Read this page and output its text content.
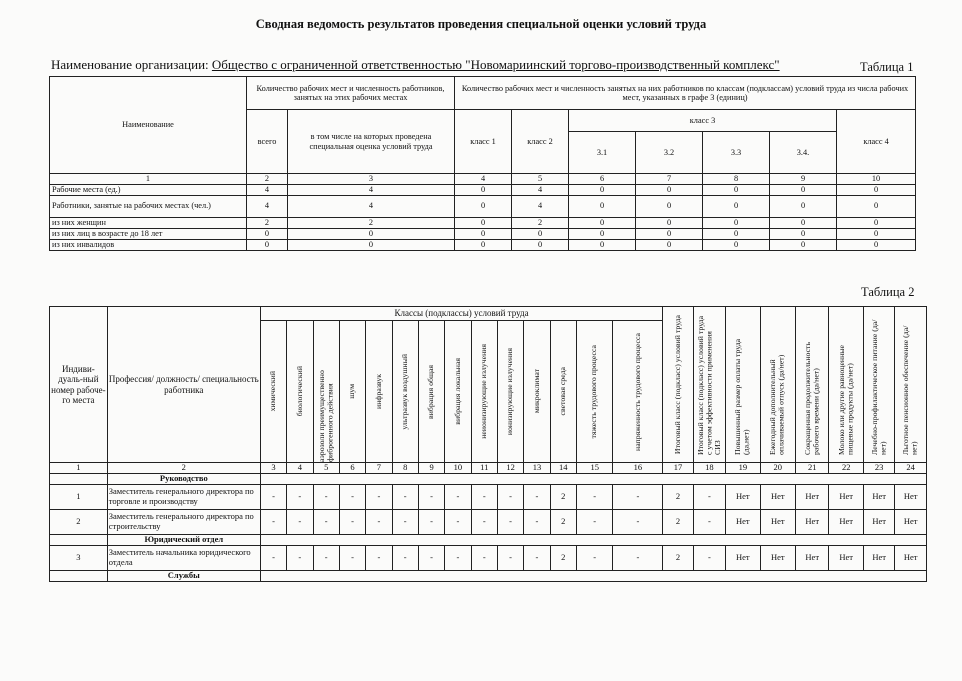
Сводная ведомость результатов проведения специальной оценки условий труда
Наименование организации: Общество с ограниченной ответственностью "Новомариинский торгово-производственный комплекс"	Таблица 1
Наименование	Количество рабочих мест и численность работников, занятых на этих рабочих местах		Количество рабочих мест и численность занятых на них работников по классам (подклассам) условий труда из числа рабочих мест, указанных в графе 3 (единиц)						
	всего	в том числе на которых проведена специальная оценка условий труда	класс 1	класс 2	класс 3				класс 4
					3.1	3.2	3.3	3.4.	
1	2	3	4	5	6	7	8	9	10
Рабочие места (ед.)	4	4	0	4	0	0	0	0	0
Работники, занятые на рабочих местах (чел.)	4	4	0	4	0	0	0	0	0
из них женщин	2	2	0	2	0	0	0	0	0
из них лиц в возрасте до 18 лет	0	0	0	0	0	0	0	0	0
из них инвалидов	0	0	0	0	0	0	0	0	0
Таблица 2
Индиви-дуаль-ный номер рабоче-го места	Профессия/ должность/ специальность работника	Классы (подклассы) условий труда														Итоговый класс (подкласс) условий труда	Итоговый класс (подкласс) условий труда с учетом эффективности применения СИЗ	Повышенный размер оплаты труда (да,нет)	Ежегодный дополнительный оплачиваемый отпуск (да/нет)	Сокращенная продолжительность рабочего времени (да/нет)	Молоко или другие равноценные пищевые продукты (да/нет)	Лечебно-профилактическое питание (да/нет)	Льготное пенсионное обеспечение (да/нет)

		химический	биологический	аэрозоли преимущественно фиброгенного действия	шум	инфразвук	ультразвук воздушный	вибрация общая	вибрация локальная	неионизирующие излучения	ионизирующие излучения	микроклимат	световая среда	тяжесть трудового процесса	напряженность трудового процесса								

1	2	3	4	5	6	7	8	9	10	11	12	13	14	15	16	17	18	19	20	21	22	23	24
	Руководство																						
1	Заместитель генерального директора по торговле и производству	-	-	-	-	-	-	-	-	-	-	-	2	-	-	2	-	Нет	Нет	Нет	Нет	Нет	Нет
2	Заместитель генерального директора по строительству	-	-	-	-	-	-	-	-	-	-	-	2	-	-	2	-	Нет	Нет	Нет	Нет	Нет	Нет
	Юридический отдел																						
3	Заместитель начальника юридического отдела	-	-	-	-	-	-	-	-	-	-	-	2	-	-	2	-	Нет	Нет	Нет	Нет	Нет	Нет
	Службы																						
